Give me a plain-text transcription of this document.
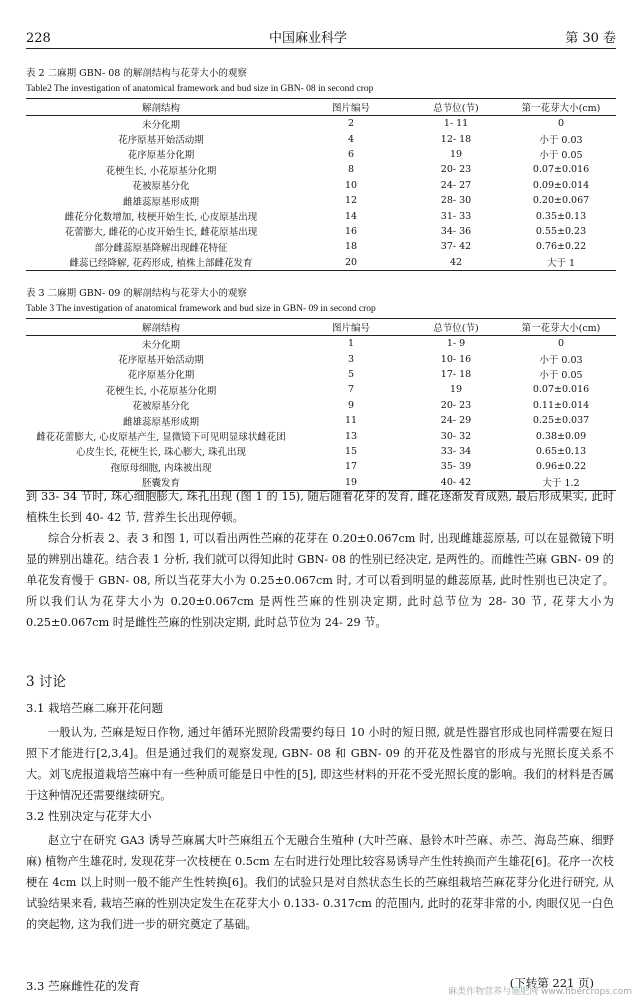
228	中国麻业科学	第 30 卷
表 2 二麻期 GBN- 08 的解剖结构与花芽大小的观察
Table2 The investigation of anatomical framework and bud size in GBN- 08 in second crop
解剖结构	图片编号	总节位(节)	第一花芽大小(cm)
未分化期	2	1- 11	0
花序原基开始活动期	4	12- 18	小于 0.03
花序原基分化期	6	19	小于 0.05
花梗生长, 小花原基分化期	8	20- 23	0.07±0.016
花被原基分化	10	24- 27	0.09±0.014
雌雄蕊原基形成期	12	28- 30	0.20±0.067
雌花分化数增加, 枝梗开始生长, 心皮原基出现	14	31- 33	0.35±0.13
花蕾膨大, 雌花的心皮开始生长, 雌花原基出现	16	34- 36	0.55±0.23
部分雌蕊原基降解出现雌花特征	18	37- 42	0.76±0.22
雌蕊已经降解, 花药形成, 植株上部雌花发育	20	42	大于 1
表 3 二麻期 GBN- 09 的解剖结构与花芽大小的观察
Table 3 The investigation of anatomical framework and bud size in GBN- 09 in second crop
解剖结构	图片编号	总节位(节)	第一花芽大小(cm)
未分化期	1	1- 9	0
花序原基开始活动期	3	10- 16	小于 0.03
花序原基分化期	5	17- 18	小于 0.05
花梗生长, 小花原基分化期	7	19	0.07±0.016
花被原基分化	9	20- 23	0.11±0.014
雌雄蕊原基形成期	11	24- 29	0.25±0.037
雌花花蕾膨大, 心皮原基产生, 显微镜下可见明显球状雌花团	13	30- 32	0.38±0.09
心皮生长, 花梗生长, 珠心膨大, 珠孔出现	15	33- 34	0.65±0.13
孢原母细胞, 内珠被出现	17	35- 39	0.96±0.22
胚囊发育	19	40- 42	大于 1.2
到 33- 34 节时, 珠心细胞膨大, 珠孔出现 (图 1 的 15), 随后随着花芽的发育, 雌花逐渐发育成熟, 最后形成果实, 此时植株生长到 40- 42 节, 营养生长出现停顿。
综合分析表 2、表 3 和图 1, 可以看出两性苎麻的花芽在 0.20±0.067cm 时, 出现雌雄蕊原基, 可以在显微镜下明显的辨别出雄花。结合表 1 分析, 我们就可以得知此时 GBN- 08 的性别已经决定, 是两性的。而雌性苎麻 GBN- 09 的单花发育慢于 GBN- 08, 所以当花芽大小为 0.25±0.067cm 时, 才可以看到明显的雌蕊原基, 此时性别也已决定了。所以我们认为花芽大小为 0.20±0.067cm 是两性苎麻的性别决定期, 此时总节位为 28- 30 节, 花芽大小为 0.25±0.067cm 时是雌性苎麻的性别决定期, 此时总节位为 24- 29 节。
3 讨论
3.1 栽培苎麻二麻开花问题
一般认为, 苎麻是短日作物, 通过年循环光照阶段需要约每日 10 小时的短日照, 就是性器官形成也同样需要在短日照下才能进行[2,3,4]。但是通过我们的观察发现, GBN- 08 和 GBN- 09 的开花及性器官的形成与光照长度关系不大。刘飞虎报道栽培苎麻中有一些种质可能是日中性的[5], 即这些材料的开花不受光照长度的影响。我们的材料是否属于这种情况还需要继续研究。
3.2 性别决定与花芽大小
赵立宁在研究 GA3 诱导苎麻属大叶苎麻组五个无融合生殖种 (大叶苎麻、悬铃木叶苎麻、赤苎、海岛苎麻、细野麻) 植物产生雄花时, 发现花芽一次枝梗在 0.5cm 左右时进行处理比较容易诱导产生性转换而产生雄花[6]。花序一次枝梗在 4cm 以上时则一般不能产生性转换[6]。我们的试验只是对自然状态生长的苎麻组栽培苎麻花芽分化进行研究, 从试验结果来看, 栽培苎麻的性别决定发生在花芽大小 0.133- 0.317cm 的范围内, 此时的花芽非常的小, 肉眼仅见一白色的突起物, 这为我们进一步的研究奠定了基础。
3.3 苎麻雌性花的发育	(下转第 221 页)
麻类作物营养与施肥网 www.fibercrops.com
